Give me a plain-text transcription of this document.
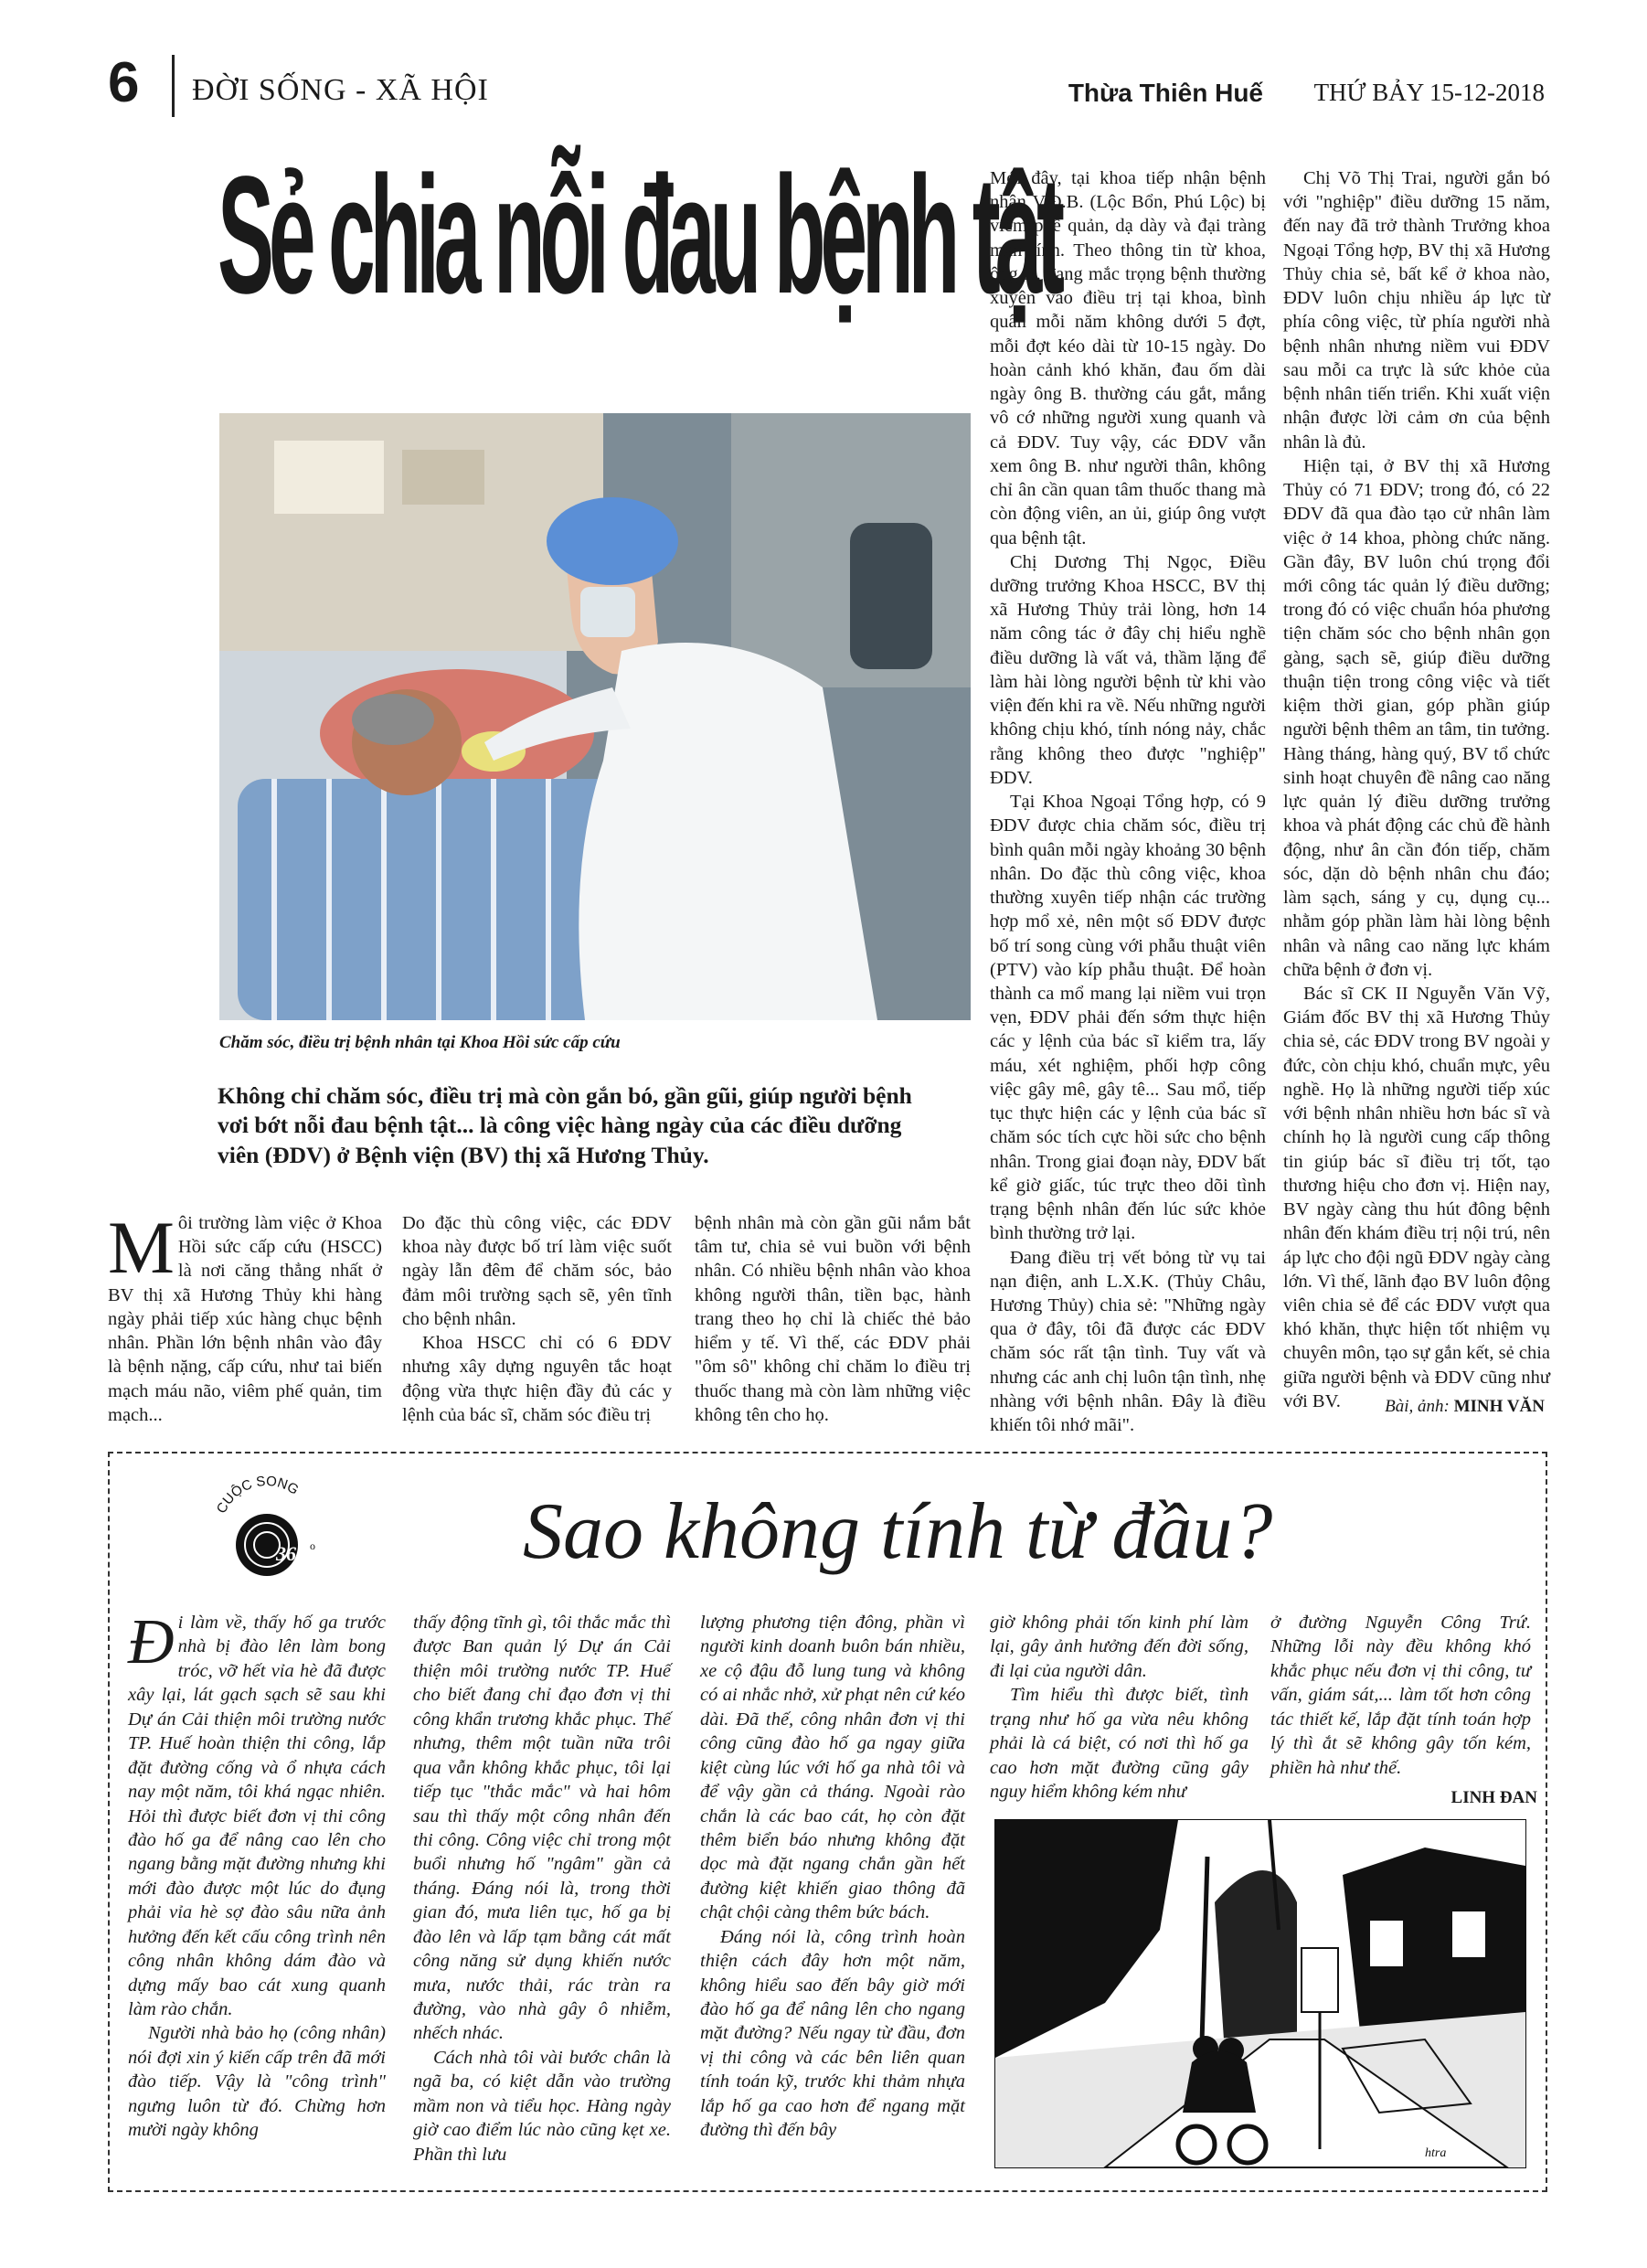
6 ĐỜI SỐNG - XÃ HỘI	Thừa Thiên Huế THỨ BẢY 15-12-2018
Sẻ chia nỗi đau bệnh tật
Chăm sóc, điều trị bệnh nhân tại Khoa Hồi sức cấp cứu
Không chỉ chăm sóc, điều trị mà còn gắn bó, gần gũi, giúp người bệnh vơi bớt nỗi đau bệnh tật... là công việc hàng ngày của các điều dưỡng viên (ĐDV) ở Bệnh viện (BV) thị xã Hương Thủy.

Môi trường làm việc ở Khoa Hồi sức cấp cứu (HSCC) là nơi căng thẳng nhất ở BV thị xã Hương Thủy khi hàng ngày phải tiếp xúc hàng chục bệnh nhân. Phần lớn bệnh nhân vào đây là bệnh nặng, cấp cứu, như tai biến mạch máu não, viêm phế quản, tim mạch...

Do đặc thù công việc, các ĐDV khoa này được bố trí làm việc suốt ngày lẫn đêm để chăm sóc, bảo đảm môi trường sạch sẽ, yên tĩnh cho bệnh nhân.

Khoa HSCC chỉ có 6 ĐDV nhưng xây dựng nguyên tắc hoạt động vừa thực hiện đầy đủ các y lệnh của bác sĩ, chăm sóc điều trị

bệnh nhân mà còn gần gũi nắm bắt tâm tư, chia sẻ vui buồn với bệnh nhân. Có nhiều bệnh nhân vào khoa không người thân, tiền bạc, hành trang theo họ chỉ là chiếc thẻ bảo hiểm y tế. Vì thế, các ĐDV phải "ôm sô" không chỉ chăm lo điều trị thuốc thang mà còn làm những việc không tên cho họ.

Mới đây, tại khoa tiếp nhận bệnh nhân V.Đ.B. (Lộc Bổn, Phú Lộc) bị viêm phế quản, dạ dày và đại tràng mạn tính. Theo thông tin từ khoa, ông B. đang mắc trọng bệnh thường xuyên vào điều trị tại khoa, bình quân mỗi năm không dưới 5 đợt, mỗi đợt kéo dài từ 10-15 ngày. Do hoàn cảnh khó khăn, đau ốm dài ngày ông B. thường cáu gắt, mắng vô cớ những người xung quanh và cả ĐDV. Tuy vậy, các ĐDV vẫn xem ông B. như người thân, không chỉ ân cần quan tâm thuốc thang mà còn động viên, an ủi, giúp ông vượt qua bệnh tật.

Chị Dương Thị Ngọc, Điều dưỡng trưởng Khoa HSCC, BV thị xã Hương Thủy trải lòng, hơn 14 năm công tác ở đây chị hiểu nghề điều dưỡng là vất vả, thầm lặng để làm hài lòng người bệnh từ khi vào viện đến khi ra về. Nếu những người không chịu khó, tính nóng nảy, chắc rằng không theo được "nghiệp" ĐDV.

Tại Khoa Ngoại Tổng hợp, có 9 ĐDV được chia chăm sóc, điều trị bình quân mỗi ngày khoảng 30 bệnh nhân. Do đặc thù công việc, khoa thường xuyên tiếp nhận các trường hợp mổ xẻ, nên một số ĐDV được bố trí song cùng với phẫu thuật viên (PTV) vào kíp phẫu thuật. Để hoàn thành ca mổ mang lại niềm vui trọn vẹn, ĐDV phải đến sớm thực hiện các y lệnh của bác sĩ kiểm tra, lấy máu, xét nghiệm, phối hợp công việc gây mê, gây tê... Sau mổ, tiếp tục thực hiện các y lệnh của bác sĩ chăm sóc tích cực hồi sức cho bệnh nhân. Trong giai đoạn này, ĐDV bất kể giờ giấc, túc trực theo dõi tình trạng bệnh nhân đến lúc sức khỏe bình thường trở lại.

Đang điều trị vết bỏng từ vụ tai nạn điện, anh L.X.K. (Thủy Châu, Hương Thủy) chia sẻ: "Những ngày qua ở đây, tôi đã được các ĐDV chăm sóc rất tận tình. Tuy vất và nhưng các anh chị luôn tận tình, nhẹ nhàng với bệnh nhân. Đây là điều khiến tôi nhớ mãi".

Chị Võ Thị Trai, người gắn bó với "nghiệp" điều dưỡng 15 năm, đến nay đã trở thành Trưởng khoa Ngoại Tổng hợp, BV thị xã Hương Thủy chia sẻ, bất kể ở khoa nào, ĐDV luôn chịu nhiều áp lực từ phía công việc, từ phía người nhà bệnh nhân nhưng niềm vui ĐDV sau mỗi ca trực là sức khỏe của bệnh nhân tiến triển. Khi xuất viện nhận được lời cảm ơn của bệnh nhân là đủ.

Hiện tại, ở BV thị xã Hương Thủy có 71 ĐDV; trong đó, có 22 ĐDV đã qua đào tạo cử nhân làm việc ở 14 khoa, phòng chức năng. Gần đây, BV luôn chú trọng đổi mới công tác quản lý điều dưỡng; trong đó có việc chuẩn hóa phương tiện chăm sóc cho bệnh nhân gọn gàng, sạch sẽ, giúp điều dưỡng thuận tiện trong công việc và tiết kiệm thời gian, góp phần giúp người bệnh thêm an tâm, tin tưởng. Hàng tháng, hàng quý, BV tổ chức sinh hoạt chuyên đề nâng cao năng lực quản lý điều dưỡng trưởng khoa và phát động các chủ đề hành động, như ân cần đón tiếp, chăm sóc, dặn dò bệnh nhân chu đáo; làm sạch, sáng y cụ, dụng cụ... nhằm góp phần làm hài lòng bệnh nhân và nâng cao năng lực khám chữa bệnh ở đơn vị.

Bác sĩ CK II Nguyễn Văn Vỹ, Giám đốc BV thị xã Hương Thủy chia sẻ, các ĐDV trong BV ngoài y đức, còn chịu khó, chuẩn mực, yêu nghề. Họ là những người tiếp xúc với bệnh nhân nhiều hơn bác sĩ và chính họ là người cung cấp thông tin giúp bác sĩ điều trị tốt, tạo thương hiệu cho đơn vị. Hiện nay, BV ngày càng thu hút đông bệnh nhân đến khám điều trị nội trú, nên áp lực cho đội ngũ ĐDV ngày càng lớn. Vì thế, lãnh đạo BV luôn động viên chia sẻ để các ĐDV vượt qua khó khăn, thực hiện tốt nhiệm vụ chuyên môn, tạo sự gắn kết, sẻ chia giữa người bệnh và ĐDV cũng như với BV.	Bài, ảnh: MINH VĂN
CUỘC SỐNG
360 o	Sao không tính từ đầu?

Đi làm về, thấy hố ga trước nhà bị đào lên làm bong tróc, vỡ hết vỉa hè đã được xây lại, lát gạch sạch sẽ sau khi Dự án Cải thiện môi trường nước TP. Huế hoàn thiện thi công, lắp đặt đường cống và ổ nhựa cách nay một năm, tôi khá ngạc nhiên. Hỏi thì được biết đơn vị thi công đào hố ga để nâng cao lên cho ngang bằng mặt đường nhưng khi mới đào được một lúc do đụng phải vỉa hè sợ đào sâu nữa ảnh hưởng đến kết cấu công trình nên công nhân không dám đào và dựng mấy bao cát xung quanh làm rào chắn.

Người nhà bảo họ (công nhân) nói đợi xin ý kiến cấp trên đã mới đào tiếp. Vậy là "công trình" ngưng luôn từ đó. Chừng hơn mười ngày không

thấy động tĩnh gì, tôi thắc mắc thì được Ban quản lý Dự án Cải thiện môi trường nước TP. Huế cho biết đang chỉ đạo đơn vị thi công khẩn trương khắc phục. Thế nhưng, thêm một tuần nữa trôi qua vẫn không khắc phục, tôi lại tiếp tục "thắc mắc" và hai hôm sau thì thấy một công nhân đến thi công. Công việc chỉ trong một buổi nhưng hố "ngâm" gần cả tháng. Đáng nói là, trong thời gian đó, mưa liên tục, hố ga bị đào lên và lấp tạm bằng cát mất công năng sử dụng khiến nước mưa, nước thải, rác tràn ra đường, vào nhà gây ô nhiễm, nhếch nhác.

Cách nhà tôi vài bước chân là ngã ba, có kiệt dẫn vào trường mầm non và tiểu học. Hàng ngày giờ cao điểm lúc nào cũng kẹt xe. Phần thì lưu

lượng phương tiện đông, phần vì người kinh doanh buôn bán nhiều, xe cộ đậu đỗ lung tung và không có ai nhắc nhở, xử phạt nên cứ kéo dài. Đã thế, công nhân đơn vị thi công cũng đào hố ga ngay giữa kiệt cùng lúc với hố ga nhà tôi và để vậy gần cả tháng. Ngoài rào chắn là các bao cát, họ còn đặt thêm biển báo nhưng không đặt dọc mà đặt ngang chắn gần hết đường kiệt khiến giao thông đã chật chội càng thêm bức bách.

Đáng nói là, công trình hoàn thiện cách đây hơn một năm, không hiểu sao đến bây giờ mới đào hố ga để nâng lên cho ngang mặt đường? Nếu ngay từ đầu, đơn vị thi công và các bên liên quan tính toán kỹ, trước khi thảm nhựa lắp hố ga cao hơn để ngang mặt đường thì đến bây

giờ không phải tốn kinh phí làm lại, gây ảnh hưởng đến đời sống, đi lại của người dân.

Tìm hiểu thì được biết, tình trạng như hố ga vừa nêu không phải là cá biệt, có nơi thì hố ga cao hơn mặt đường cũng gây nguy hiểm không kém như

ở đường Nguyễn Công Trứ. Những lỗi này đều không khó khắc phục nếu đơn vị thi công, tư vấn, giám sát,... làm tốt hơn công tác thiết kế, lắp đặt tính toán hợp lý thì ắt sẽ không gây tốn kém, phiền hà như thế.

LINH ĐAN
htra
